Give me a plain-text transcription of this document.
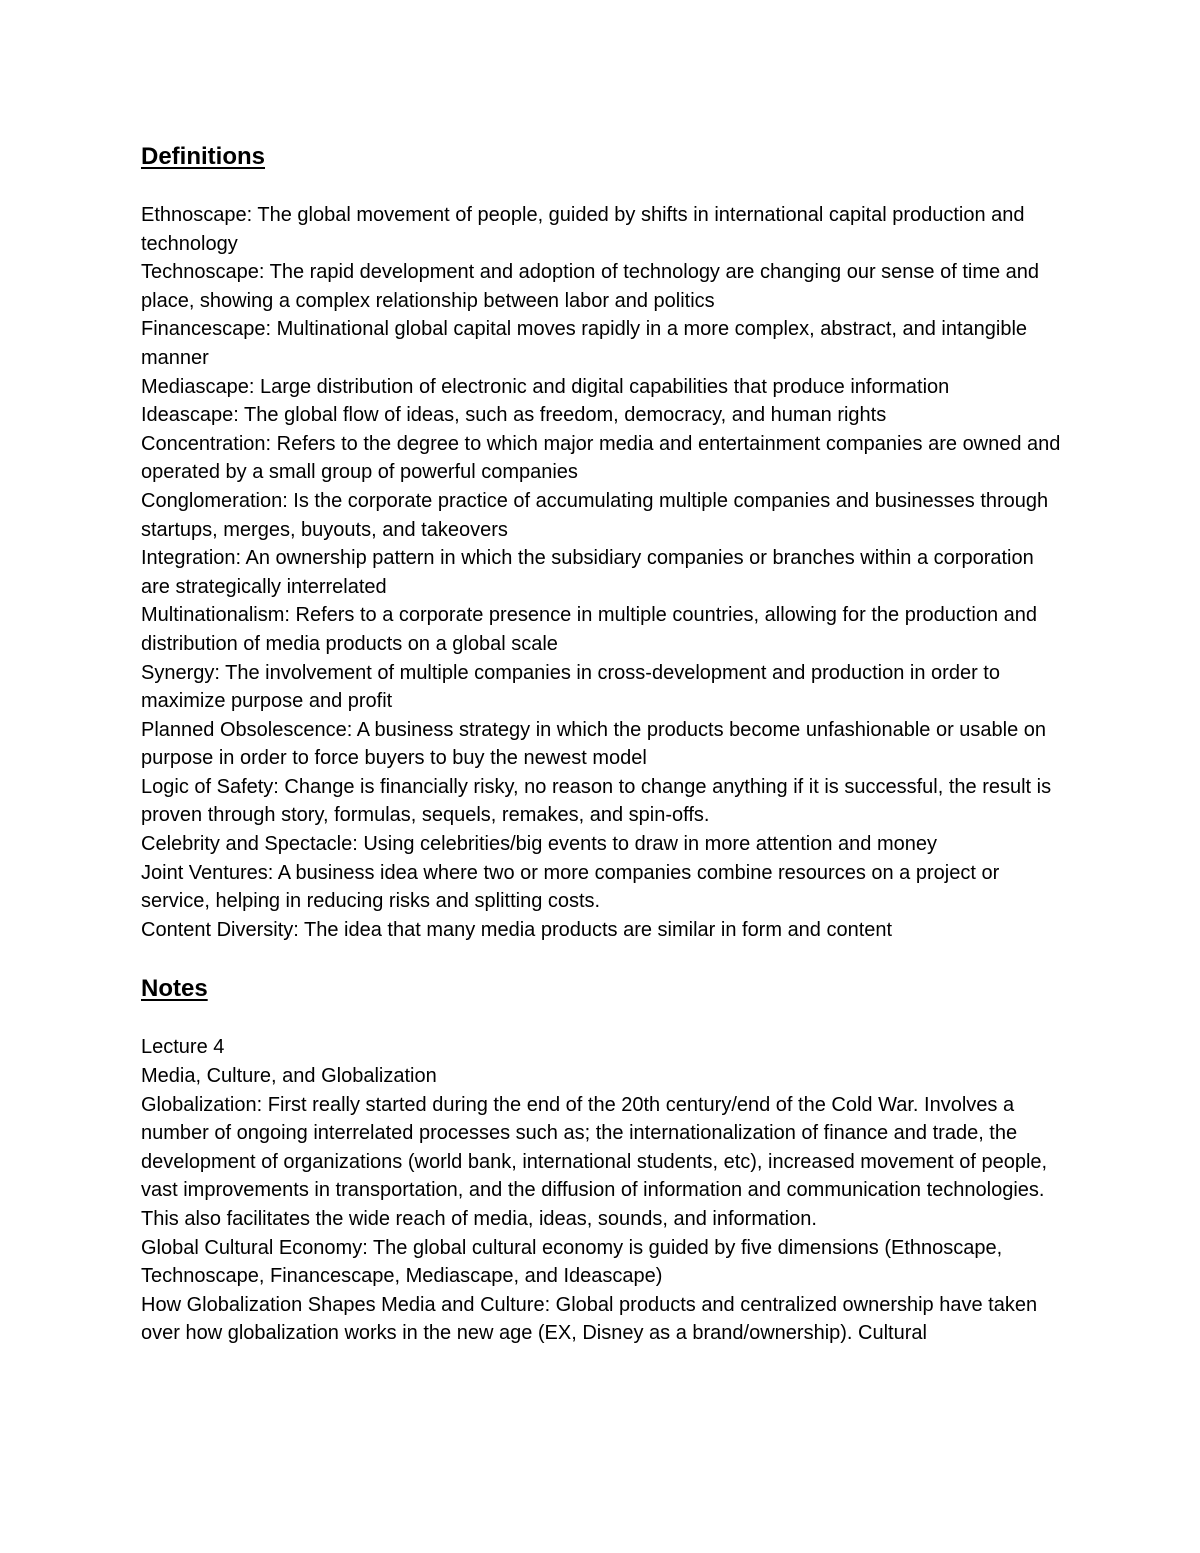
Definitions

Ethnoscape: The global movement of people, guided by shifts in international capital production and technology

Technoscape: The rapid development and adoption of technology are changing our sense of time and place, showing a complex relationship between labor and politics

Financescape: Multinational global capital moves rapidly in a more complex, abstract, and intangible manner

Mediascape: Large distribution of electronic and digital capabilities that produce information

Ideascape: The global flow of ideas, such as freedom, democracy, and human rights

Concentration: Refers to the degree to which major media and entertainment companies are owned and operated by a small group of powerful companies

Conglomeration: Is the corporate practice of accumulating multiple companies and businesses through startups, merges, buyouts, and takeovers

Integration: An ownership pattern in which the subsidiary companies or branches within a corporation are strategically interrelated

Multinationalism: Refers to a corporate presence in multiple countries, allowing for the production and distribution of media products on a global scale

Synergy: The involvement of multiple companies in cross-development and production in order to maximize purpose and profit

Planned Obsolescence: A business strategy in which the products become unfashionable or usable on purpose in order to force buyers to buy the newest model

Logic of Safety: Change is financially risky, no reason to change anything if it is successful, the result is proven through story, formulas, sequels, remakes, and spin-offs.

Celebrity and Spectacle: Using celebrities/big events to draw in more attention and money

Joint Ventures: A business idea where two or more companies combine resources on a project or service, helping in reducing risks and splitting costs.

Content Diversity: The idea that many media products are similar in form and content

Notes

Lecture 4

Media, Culture, and Globalization

Globalization: First really started during the end of the 20th century/end of the Cold War. Involves a number of ongoing interrelated processes such as; the internationalization of finance and trade, the development of organizations (world bank, international students, etc), increased movement of people, vast improvements in transportation, and the diffusion of information and communication technologies. This also facilitates the wide reach of media, ideas, sounds, and information.

Global Cultural Economy: The global cultural economy is guided by five dimensions (Ethnoscape, Technoscape, Financescape, Mediascape, and Ideascape)

How Globalization Shapes Media and Culture: Global products and centralized ownership have taken over how globalization works in the new age (EX, Disney as a brand/ownership). Cultural
